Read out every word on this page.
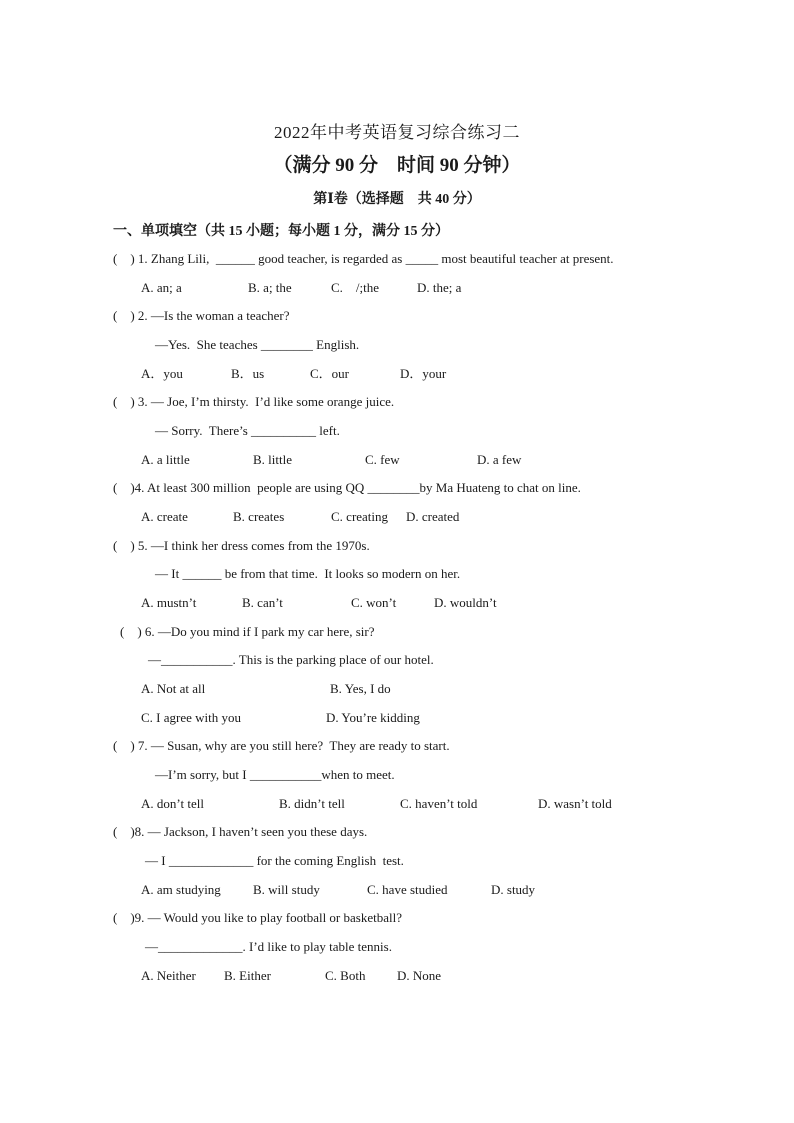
2022年中考英语复习综合练习二
（满分 90 分　时间 90 分钟）
第Ⅰ卷（选择题　共 40 分）
一、单项填空（共 15 小题；每小题 1 分，满分 15 分）
(　) 1. Zhang Lili,  ______ good teacher, is regarded as _____ most beautiful teacher at present.
A. an; a	B. a; the	C.　/;the	D. the; a
(　) 2. —Is the woman a teacher?
—Yes.  She teaches ________ English.
A．you	B．us	C．our	D．your
(　) 3. — Joe, I’m thirsty.  I’d like some orange juice.
— Sorry.  There’s __________ left.
A. a little	B. little	C. few	D. a few
(　)4. At least 300 million  people are using QQ ________by Ma Huateng to chat on line.
A. create	B. creates	C. creating D. created
(　) 5. —I think her dress comes from the 1970s.
— It ______ be from that time.  It looks so modern on her.
A. mustn’t	B. can’t	C. won’t	D. wouldn’t
(　) 6. —Do you mind if I park my car here, sir?
—___________. This is the parking place of our hotel.
A. Not at all	B. Yes, I do
C. I agree with you	D. You’re kidding
(　) 7. — Susan, why are you still here?  They are ready to start.
—I’m sorry, but I ___________when to meet.
A. don’t tell	B. didn’t tell	C. haven’t told	D. wasn’t told
(　)8. — Jackson, I haven’t seen you these days.
— I _____________ for the coming English  test.
A. am studying B. will study	C. have studied	D. study
(　)9. — Would you like to play football or basketball?
—_____________. I’d like to play table tennis.
A. Neither B. Either	C. Both D. None
